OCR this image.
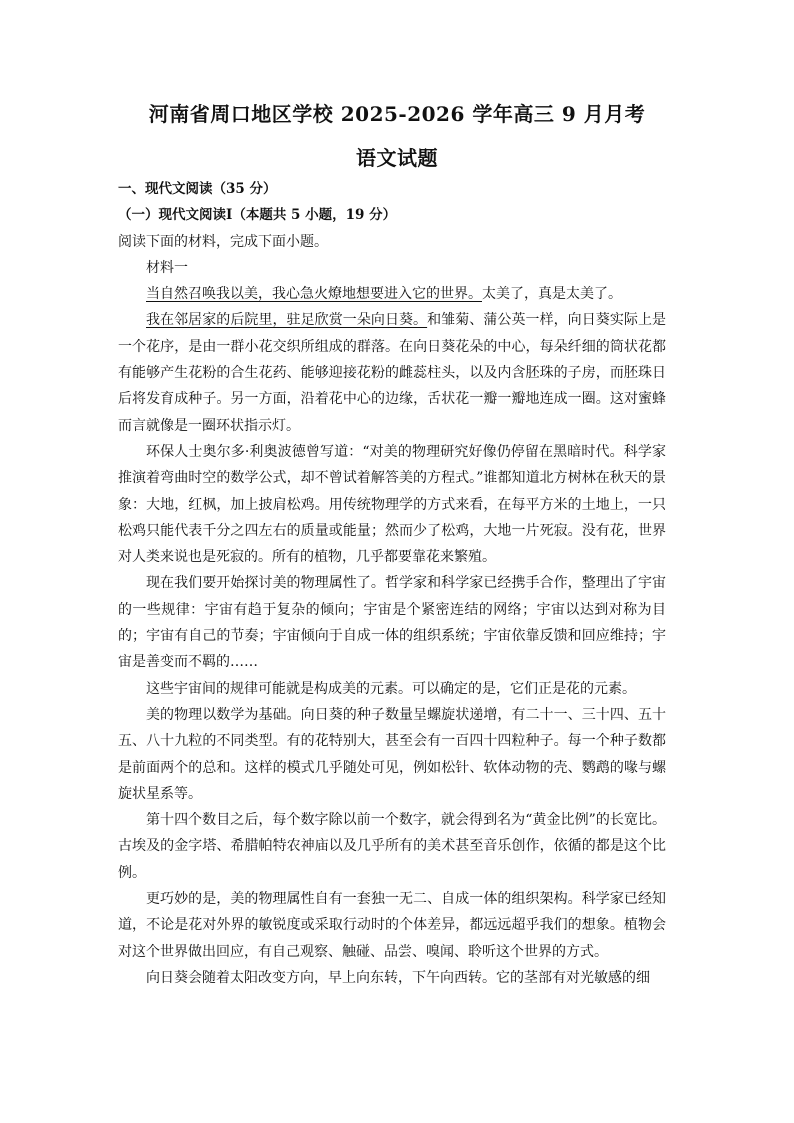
河南省周口地区学校 2025-2026 学年高三 9 月月考
语文试题

一、现代文阅读（35 分）

（一）现代文阅读Ⅰ（本题共 5 小题，19 分）

阅读下面的材料，完成下面小题。

材料一

当自然召唤我以美，我心急火燎地想要进入它的世界。太美了，真是太美了。

我在邻居家的后院里，驻足欣赏一朵向日葵。和雏菊、蒲公英一样，向日葵实际上是一个花序，是由一群小花交织所组成的群落。在向日葵花朵的中心，每朵纤细的筒状花都有能够产生花粉的合生花药、能够迎接花粉的雌蕊柱头，以及内含胚珠的子房，而胚珠日后将发育成种子。另一方面，沿着花中心的边缘，舌状花一瓣一瓣地连成一圈。这对蜜蜂而言就像是一圈环状指示灯。

环保人士奥尔多·利奥波德曾写道：“对美的物理研究好像仍停留在黑暗时代。科学家推演着弯曲时空的数学公式，却不曾试着解答美的方程式。”谁都知道北方树林在秋天的景象：大地，红枫，加上披肩松鸡。用传统物理学的方式来看，在每平方米的土地上，一只松鸡只能代表千分之四左右的质量或能量；然而少了松鸡，大地一片死寂。没有花，世界对人类来说也是死寂的。所有的植物，几乎都要靠花来繁殖。

现在我们要开始探讨美的物理属性了。哲学家和科学家已经携手合作，整理出了宇宙的一些规律：宇宙有趋于复杂的倾向；宇宙是个紧密连结的网络；宇宙以达到对称为目的；宇宙有自己的节奏；宇宙倾向于自成一体的组织系统；宇宙依靠反馈和回应维持；宇宙是善变而不羁的……

这些宇宙间的规律可能就是构成美的元素。可以确定的是，它们正是花的元素。

美的物理以数学为基础。向日葵的种子数量呈螺旋状递增，有二十一、三十四、五十五、八十九粒的不同类型。有的花特别大，甚至会有一百四十四粒种子。每一个种子数都是前面两个的总和。这样的模式几乎随处可见，例如松针、软体动物的壳、鹦鹉的喙与螺旋状星系等。

第十四个数目之后，每个数字除以前一个数字，就会得到名为“黄金比例”的长宽比。古埃及的金字塔、希腊帕特农神庙以及几乎所有的美术甚至音乐创作，依循的都是这个比例。

更巧妙的是，美的物理属性自有一套独一无二、自成一体的组织架构。科学家已经知道，不论是花对外界的敏锐度或采取行动时的个体差异，都远远超乎我们的想象。植物会对这个世界做出回应，有自己观察、触碰、品尝、嗅闻、聆听这个世界的方式。

向日葵会随着太阳改变方向，早上向东转，下午向西转。它的茎部有对光敏感的细
